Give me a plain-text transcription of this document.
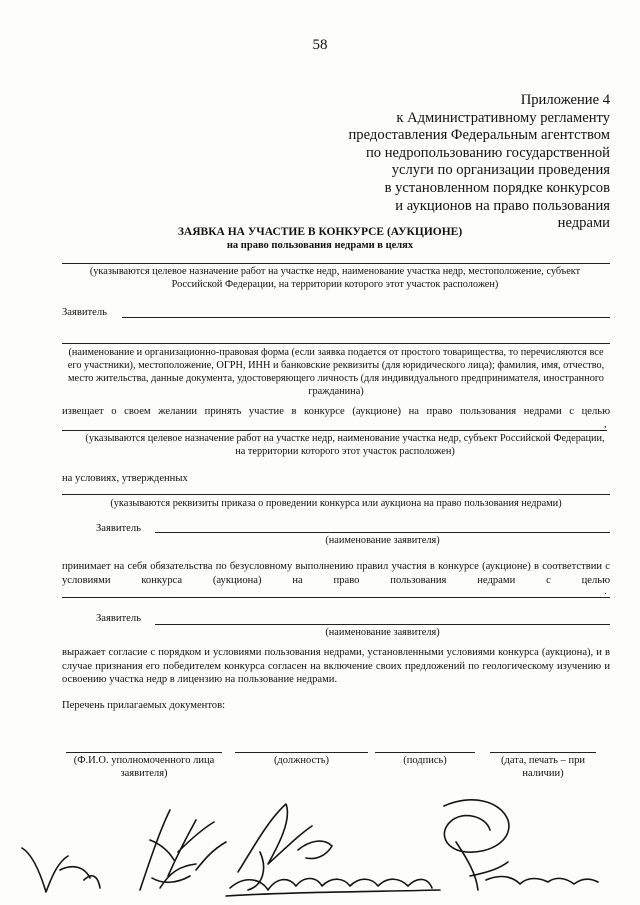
58
Приложение 4
к Административному регламенту
предоставления Федеральным агентством
по недропользованию государственной
услуги по организации проведения
в установленном порядке конкурсов
и аукционов на право пользования
недрами
ЗАЯВКА НА УЧАСТИЕ В КОНКУРСЕ (АУКЦИОНЕ)
на право пользования недрами в целях
(указываются целевое назначение работ на участке недр, наименование участка недр, местоположение, субъект Российской Федерации, на территории которого этот участок расположен)
Заявитель
(наименование и организационно-правовая форма (если заявка подается от простого товарищества, то перечисляются все его участники), местоположение, ОГРН, ИНН и банковские реквизиты (для юридического лица); фамилия, имя, отчество, место жительства, данные документа, удостоверяющего личность (для индивидуального предпринимателя, иностранного гражданина)
извещает о своем желании принять участие в конкурсе (аукционе) на право пользования недрами с целью
,
(указываются целевое назначение работ на участке недр, наименование участка недр, субъект Российской Федерации, на территории которого этот участок расположен)
на условиях, утвержденных
(указываются реквизиты приказа о проведении конкурса или аукциона на право пользования недрами)
Заявитель
(наименование заявителя)
принимает на себя обязательства по безусловному выполнению правил участия в конкурсе (аукционе) в соответствии с условиями конкурса (аукциона) на право пользования недрами с целью
.
Заявитель
(наименование заявителя)
выражает согласие с порядком и условиями пользования недрами, установленными условиями конкурса (аукциона), и в случае признания его победителем конкурса согласен на включение своих предложений по геологическому изучению и освоению участка недр в лицензию на пользование недрами.
Перечень прилагаемых документов:
(Ф.И.О. уполномоченного лица заявителя)
(должность)	(подпись)	(дата, печать – при наличии)
